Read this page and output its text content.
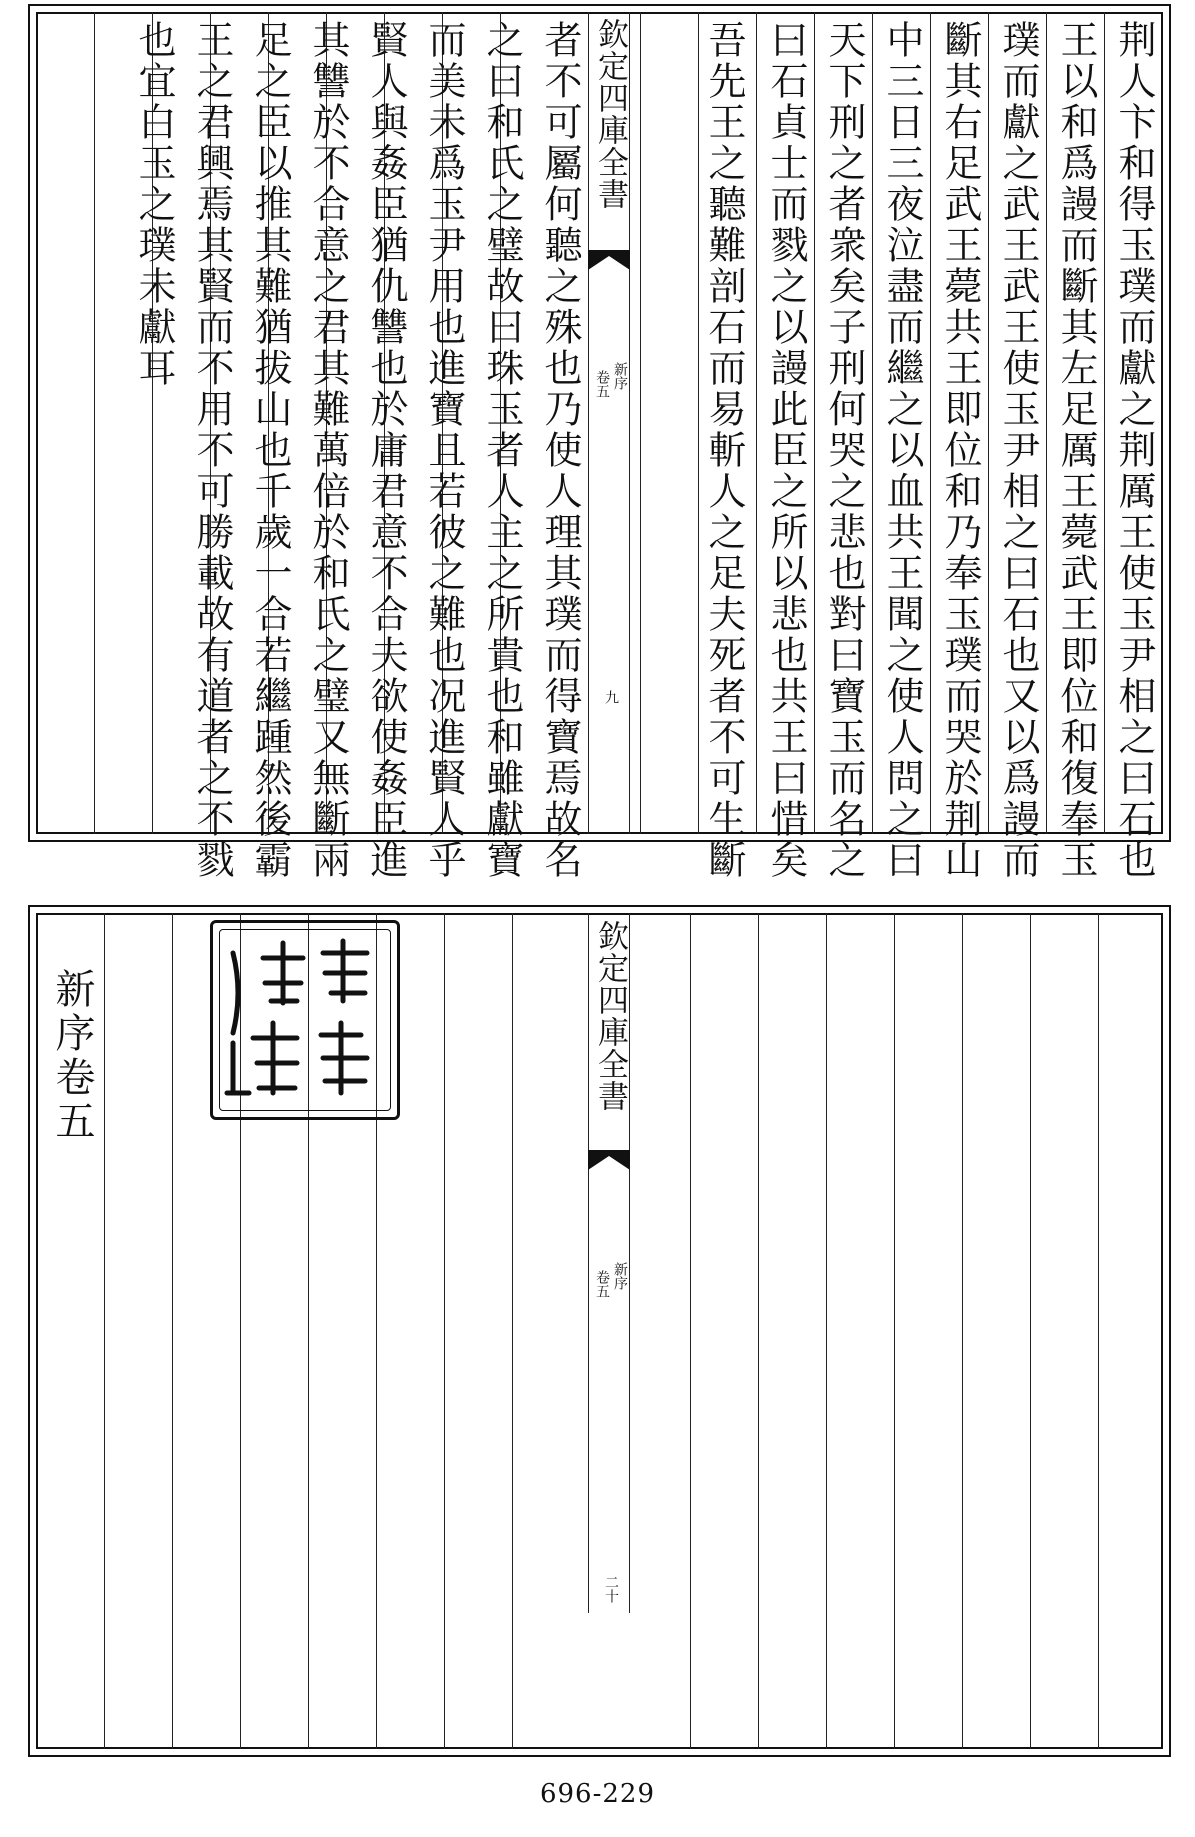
荆人卞和得玉璞而獻之荆厲王使玉尹相之曰石也
王以和爲謾而斷其左足厲王薨武王即位和復奉玉
璞而獻之武王武王使玉尹相之曰石也又以爲謾而
斷其右足武王薨共王即位和乃奉玉璞而哭於荆山
中三日三夜泣盡而繼之以血共王聞之使人問之曰
天下刑之者衆矣子刑何哭之悲也對曰寶玉而名之
曰石貞士而戮之以謾此臣之所以悲也共王曰惜矣
吾先王之聽難剖石而易斬人之足夫死者不可生斷
欽定四庫全書
新序
卷五
九
者不可屬何聽之殊也乃使人理其璞而得寶焉故名
之曰和氏之璧故曰珠玉者人主之所貴也和雖獻寶
而美未爲玉尹用也進寶且若彼之難也况進賢人乎
賢人與姦臣猶仇讐也於庸君意不合夫欲使姦臣進
其讐於不合意之君其難萬倍於和氏之璧又無斷兩
足之臣以推其難猶拔山也千歲一合若繼踵然後霸
王之君興焉其賢而不用不可勝載故有道者之不戮
也宜白玉之璞未獻耳
新序卷五	欽定四庫全書
新序
卷五
二十
696-229
